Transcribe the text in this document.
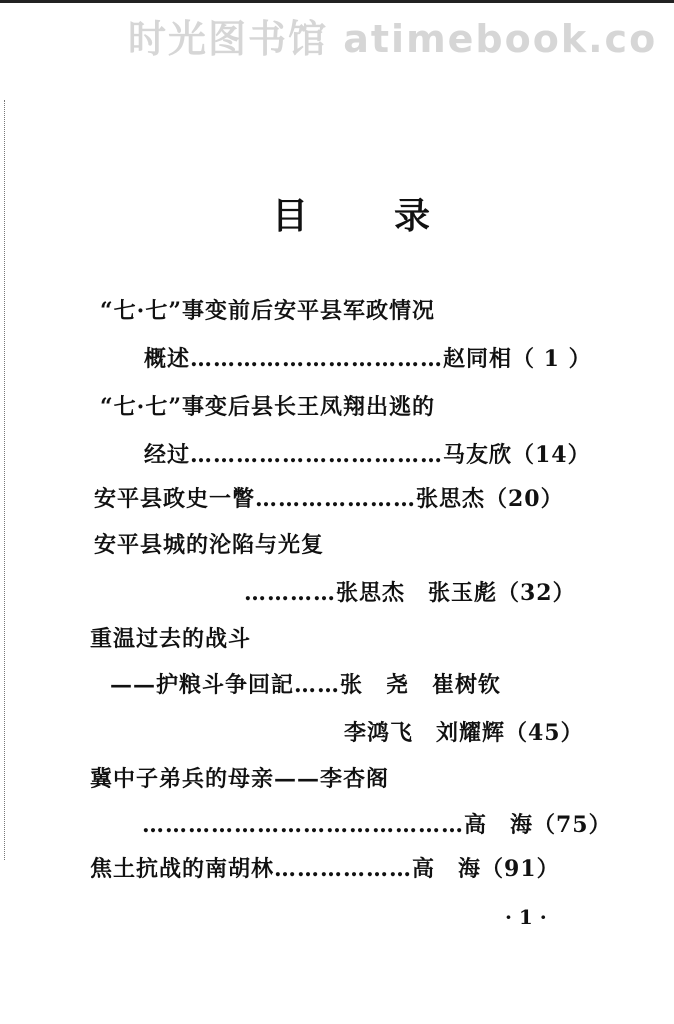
时光图书馆 atimebook.co
目 录
“七·七”事变前后安平县军政情况
概述……………………………赵同相（ 1 ）
“七·七”事变后县长王凤翔出逃的
经过……………………………马友欣（14）
安平县政史一瞥…………………张思杰（20）
安平县城的沦陷与光复
…………张思杰　张玉彪（32）
重温过去的战斗
——护粮斗争回記……张　尧　崔树钦
李鸿飞　刘耀辉（45）
冀中子弟兵的母亲——李杏阁
……………………………………高　海（75）
焦土抗战的南胡林………………高　海（91）
· 1 ·
